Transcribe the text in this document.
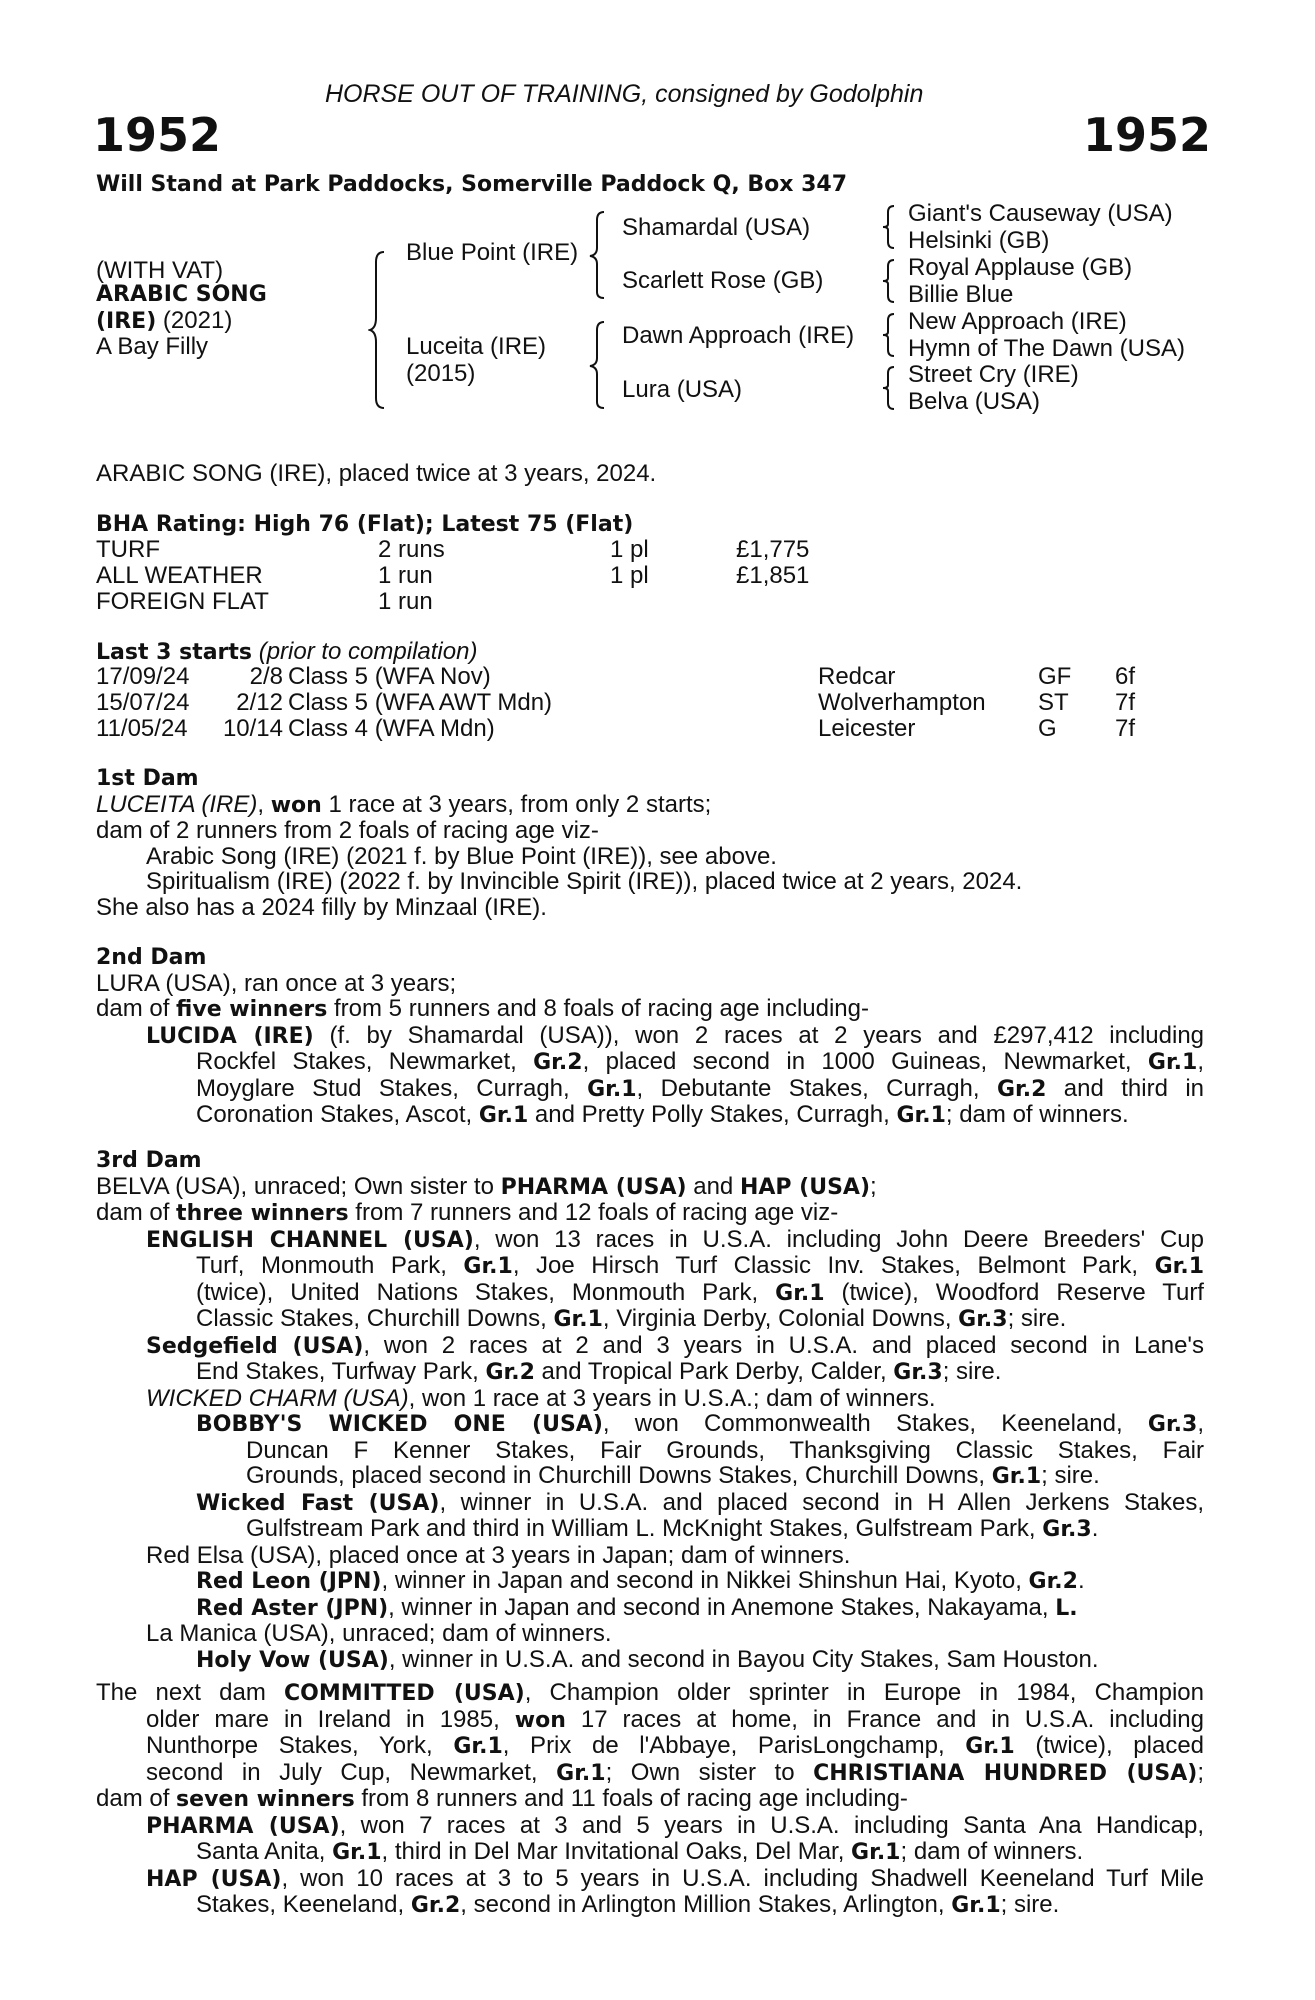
HORSE OUT OF TRAINING, consigned by Godolphin
1952	1952
Will Stand at Park Paddocks, Somerville Paddock Q, Box 347
(WITH VAT)
ARABIC SONG
(IRE) (2021)
A Bay Filly
Blue Point (IRE)
Luceita (IRE)
(2015)
Shamardal (USA)
Scarlett Rose (GB)
Dawn Approach (IRE)
Lura (USA)
Giant's Causeway (USA)
Helsinki (GB)
Royal Applause (GB)
Billie Blue
New Approach (IRE)
Hymn of The Dawn (USA)
Street Cry (IRE)
Belva (USA)
ARABIC SONG (IRE), placed twice at 3 years, 2024.
BHA Rating: High 76 (Flat); Latest 75 (Flat)
TURF	2 runs	1 pl	£1,775
ALL WEATHER	1 run	1 pl	£1,851
FOREIGN FLAT	1 run
Last 3 starts (prior to compilation)
17/09/24	2/8 Class 5 (WFA Nov)	Redcar	GF 6f
15/07/24	2/12 Class 5 (WFA AWT Mdn)	Wolverhampton ST 7f
11/05/24	10/14 Class 4 (WFA Mdn)	Leicester	G 7f
1st Dam
LUCEITA (IRE), won 1 race at 3 years, from only 2 starts;
dam of 2 runners from 2 foals of racing age viz-
Arabic Song (IRE) (2021 f. by Blue Point (IRE)), see above.
Spiritualism (IRE) (2022 f. by Invincible Spirit (IRE)), placed twice at 2 years, 2024.
She also has a 2024 filly by Minzaal (IRE).
2nd Dam
LURA (USA), ran once at 3 years;
dam of five winners from 5 runners and 8 foals of racing age including-
LUCIDA (IRE) (f. by Shamardal (USA)), won 2 races at 2 years and £297,412 including
Rockfel Stakes, Newmarket, Gr.2, placed second in 1000 Guineas, Newmarket, Gr.1,
Moyglare Stud Stakes, Curragh, Gr.1, Debutante Stakes, Curragh, Gr.2 and third in
Coronation Stakes, Ascot, Gr.1 and Pretty Polly Stakes, Curragh, Gr.1; dam of winners.
3rd Dam
BELVA (USA), unraced; Own sister to PHARMA (USA) and HAP (USA);
dam of three winners from 7 runners and 12 foals of racing age viz-
ENGLISH CHANNEL (USA), won 13 races in U.S.A. including John Deere Breeders' Cup
Turf, Monmouth Park, Gr.1, Joe Hirsch Turf Classic Inv. Stakes, Belmont Park, Gr.1
(twice), United Nations Stakes, Monmouth Park, Gr.1 (twice), Woodford Reserve Turf
Classic Stakes, Churchill Downs, Gr.1, Virginia Derby, Colonial Downs, Gr.3; sire.
Sedgefield (USA), won 2 races at 2 and 3 years in U.S.A. and placed second in Lane's
End Stakes, Turfway Park, Gr.2 and Tropical Park Derby, Calder, Gr.3; sire.
WICKED CHARM (USA), won 1 race at 3 years in U.S.A.; dam of winners.
BOBBY'S WICKED ONE (USA), won Commonwealth Stakes, Keeneland, Gr.3,
Duncan F Kenner Stakes, Fair Grounds, Thanksgiving Classic Stakes, Fair
Grounds, placed second in Churchill Downs Stakes, Churchill Downs, Gr.1; sire.
Wicked Fast (USA), winner in U.S.A. and placed second in H Allen Jerkens Stakes,
Gulfstream Park and third in William L. McKnight Stakes, Gulfstream Park, Gr.3.
Red Elsa (USA), placed once at 3 years in Japan; dam of winners.
Red Leon (JPN), winner in Japan and second in Nikkei Shinshun Hai, Kyoto, Gr.2.
Red Aster (JPN), winner in Japan and second in Anemone Stakes, Nakayama, L.
La Manica (USA), unraced; dam of winners.
Holy Vow (USA), winner in U.S.A. and second in Bayou City Stakes, Sam Houston.
The next dam COMMITTED (USA), Champion older sprinter in Europe in 1984, Champion
older mare in Ireland in 1985, won 17 races at home, in France and in U.S.A. including
Nunthorpe Stakes, York, Gr.1, Prix de l'Abbaye, ParisLongchamp, Gr.1 (twice), placed
second in July Cup, Newmarket, Gr.1; Own sister to CHRISTIANA HUNDRED (USA);
dam of seven winners from 8 runners and 11 foals of racing age including-
PHARMA (USA), won 7 races at 3 and 5 years in U.S.A. including Santa Ana Handicap,
Santa Anita, Gr.1, third in Del Mar Invitational Oaks, Del Mar, Gr.1; dam of winners.
HAP (USA), won 10 races at 3 to 5 years in U.S.A. including Shadwell Keeneland Turf Mile
Stakes, Keeneland, Gr.2, second in Arlington Million Stakes, Arlington, Gr.1; sire.
